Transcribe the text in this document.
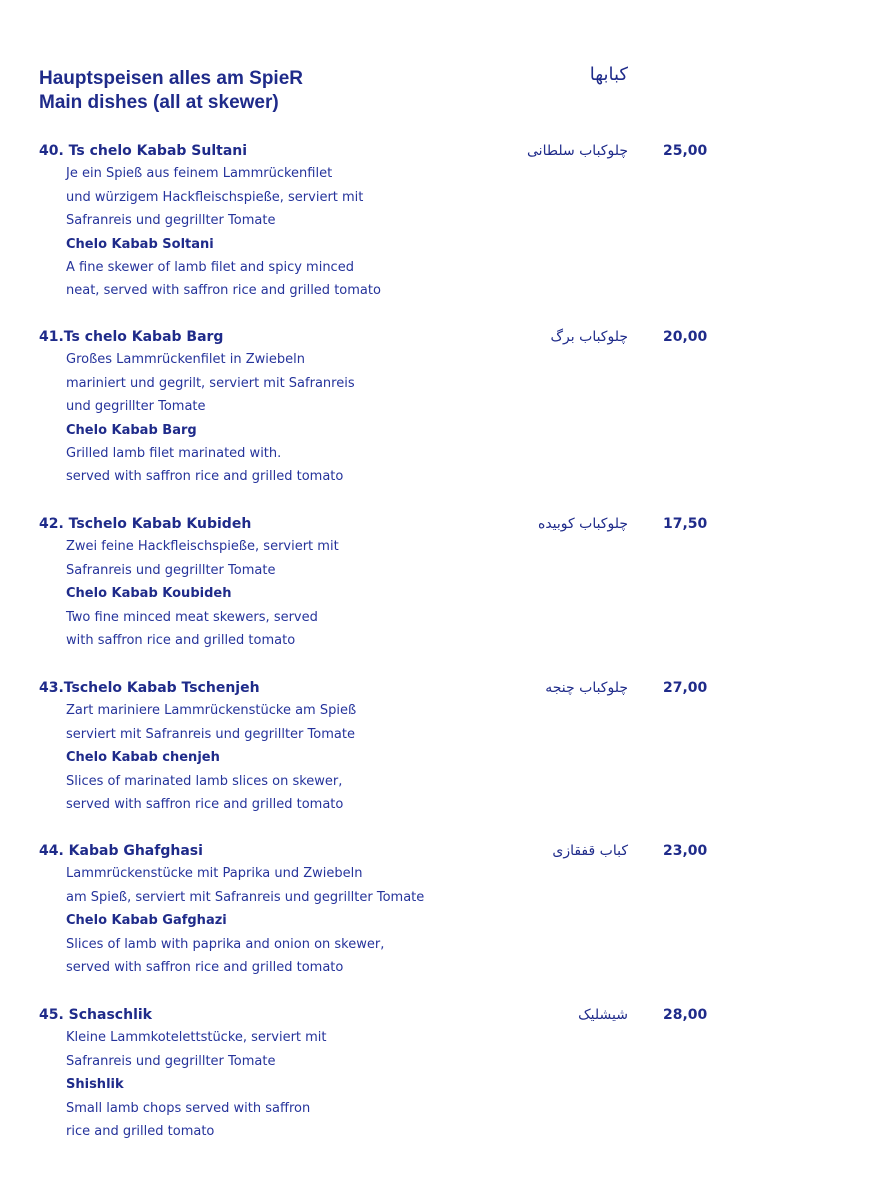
Hauptspeisen alles am SpieR
Main dishes (all at skewer)
کبابها
40. Ts chelo Kabab Sultani	چلوکباب سلطانی	25,00
Je ein Spieß aus feinem Lammrückenfilet
und würzigem Hackfleischspieße, serviert mit
Safranreis und gegrillter Tomate
Chelo Kabab Soltani
A fine skewer of lamb filet and spicy minced
neat, served with saffron rice and grilled tomato
41.Ts chelo Kabab Barg	چلوکباب برگ	20,00
Großes Lammrückenfilet in Zwiebeln
mariniert und gegrilt, serviert mit Safranreis
und gegrillter Tomate
Chelo Kabab Barg
Grilled lamb filet marinated with.
served with saffron rice and grilled tomato
42. Tschelo Kabab Kubideh	چلوکباب کوبیده	17,50
Zwei feine Hackfleischspieße, serviert mit
Safranreis und gegrillter Tomate
Chelo Kabab Koubideh
Two fine minced meat skewers, served
with saffron rice and grilled tomato
43.Tschelo Kabab Tschenjeh	چلوکباب چنجه	27,00
Zart mariniere Lammrückenstücke am Spieß
serviert mit Safranreis und gegrillter Tomate
Chelo Kabab chenjeh
Slices of marinated lamb slices on skewer,
served with saffron rice and grilled tomato
44. Kabab Ghafghasi	کباب قفقازی	23,00
Lammrückenstücke mit Paprika und Zwiebeln
am Spieß, serviert mit Safranreis und gegrillter Tomate
Chelo Kabab Gafghazi
Slices of lamb with paprika and onion on skewer,
served with saffron rice and grilled tomato
45. Schaschlik	شیشلیک	28,00
Kleine Lammkotelettstücke, serviert mit
Safranreis und gegrillter Tomate
Shishlik
Small lamb chops served with saffron
rice and grilled tomato
